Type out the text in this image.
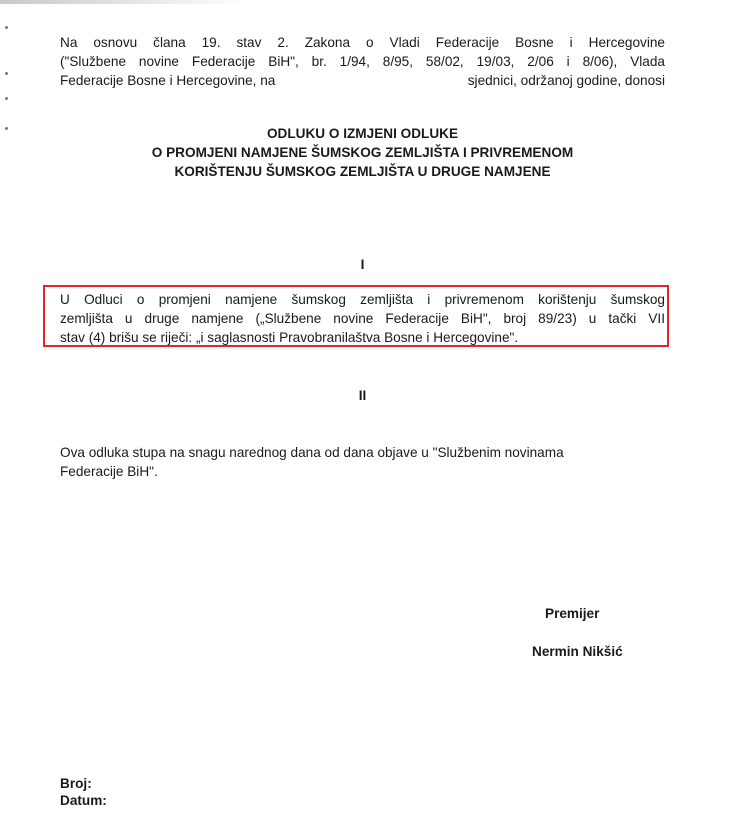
Na osnovu člana 19. stav 2. Zakona o Vladi Federacije Bosne i Hercegovine
("Službene novine Federacije BiH", br. 1/94, 8/95, 58/02, 19/03, 2/06 i 8/06), Vlada
Federacije Bosne i Hercegovine, na	sjednici, održanoj godine, donosi
ODLUKU O IZMJENI ODLUKE
O PROMJENI NAMJENE ŠUMSKOG ZEMLJIŠTA I PRIVREMENOM
KORIŠTENJU ŠUMSKOG ZEMLJIŠTA U DRUGE NAMJENE
I
U Odluci o promjeni namjene šumskog zemljišta i privremenom korištenju šumskog
zemljišta u druge namjene („Službene novine Federacije BiH", broj 89/23) u tački VII
stav (4) brišu se riječi: „i saglasnosti Pravobranilaštva Bosne i Hercegovine".
II
Ova odluka stupa na snagu narednog dana od dana objave u "Službenim novinama
Federacije BiH".
Premijer
Nermin Nikšić
Broj:
Datum:
